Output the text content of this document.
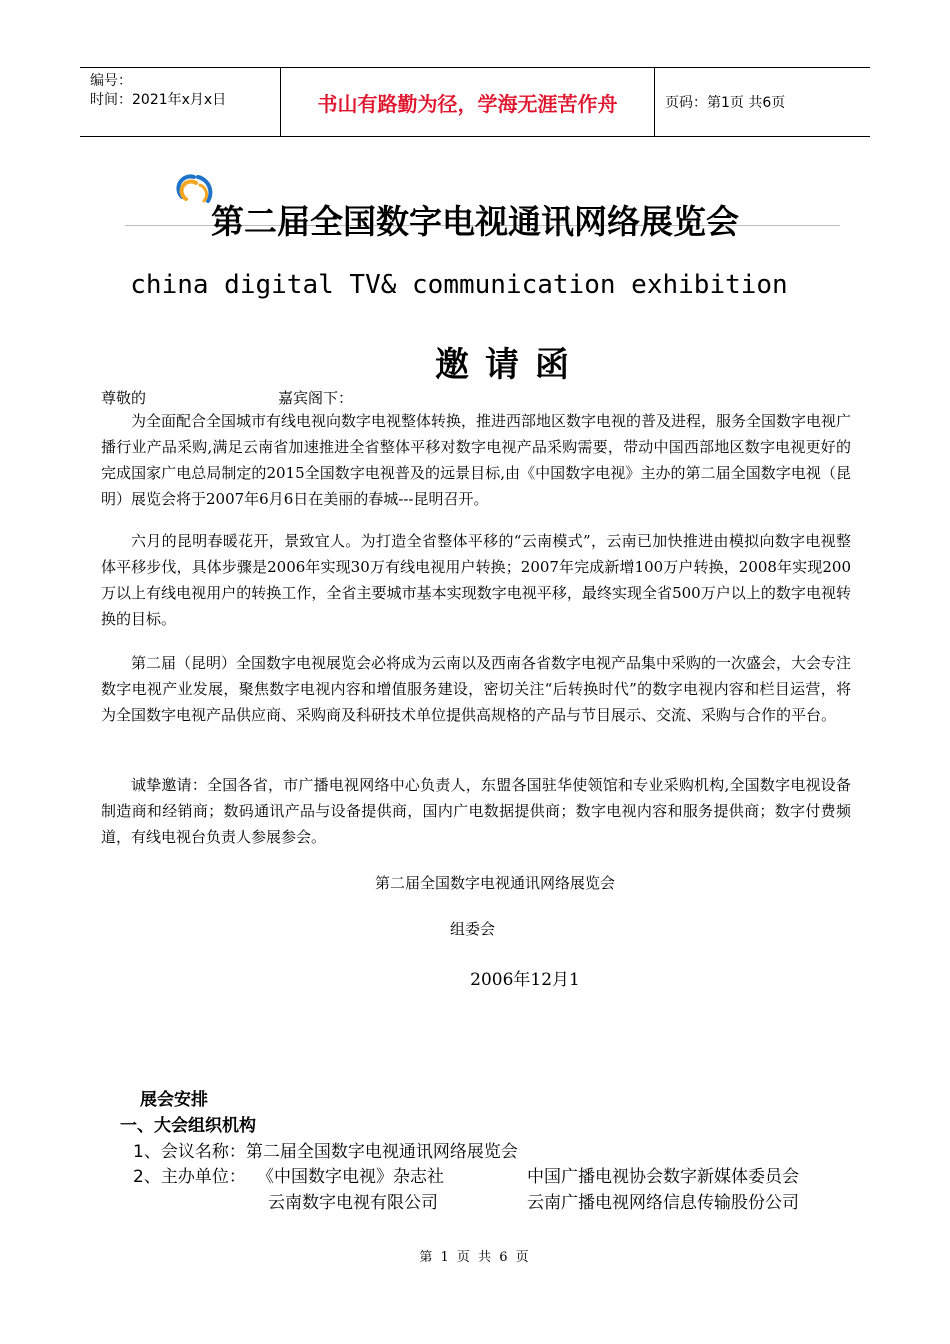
编号：
时间：2021年x月x日	书山有路勤为径，学海无涯苦作舟	页码：第1页 共6页
第二届全国数字电视通讯网络展览会
china digital TV& communication exhibition
邀请函
尊敬的	嘉宾阁下：
为全面配合全国城市有线电视向数字电视整体转换，推进西部地区数字电视的普及进程，服务全国数字电视广播行业产品采购,满足云南省加速推进全省整体平移对数字电视产品采购需要，带动中国西部地区数字电视更好的完成国家广电总局制定的2015全国数字电视普及的远景目标,由《中国数字电视》主办的第二届全国数字电视（昆明）展览会将于2007年6月6日在美丽的春城---昆明召开。
六月的昆明春暖花开，景致宜人。为打造全省整体平移的“云南模式”，云南已加快推进由模拟向数字电视整体平移步伐，具体步骤是2006年实现30万有线电视用户转换；2007年完成新增100万户转换，2008年实现200万以上有线电视用户的转换工作，全省主要城市基本实现数字电视平移，最终实现全省500万户以上的数字电视转换的目标。
第二届（昆明）全国数字电视展览会必将成为云南以及西南各省数字电视产品集中采购的一次盛会，大会专注数字电视产业发展，聚焦数字电视内容和增值服务建设，密切关注“后转换时代”的数字电视内容和栏目运营，将为全国数字电视产品供应商、采购商及科研技术单位提供高规格的产品与节目展示、交流、采购与合作的平台。
诚挚邀请：全国各省，市广播电视网络中心负责人，东盟各国驻华使领馆和专业采购机构,全国数字电视设备制造商和经销商；数码通讯产品与设备提供商，国内广电数据提供商；数字电视内容和服务提供商；数字付费频道，有线电视台负责人参展参会。
第二届全国数字电视通讯网络展览会
组委会
2006年12月1
展会安排
一、大会组织机构
1、会议名称：第二届全国数字电视通讯网络展览会
2、主办单位： 《中国数字电视》杂志社	中国广播电视协会数字新媒体委员会
云南数字电视有限公司	云南广播电视网络信息传输股份公司
第 1 页 共 6 页
